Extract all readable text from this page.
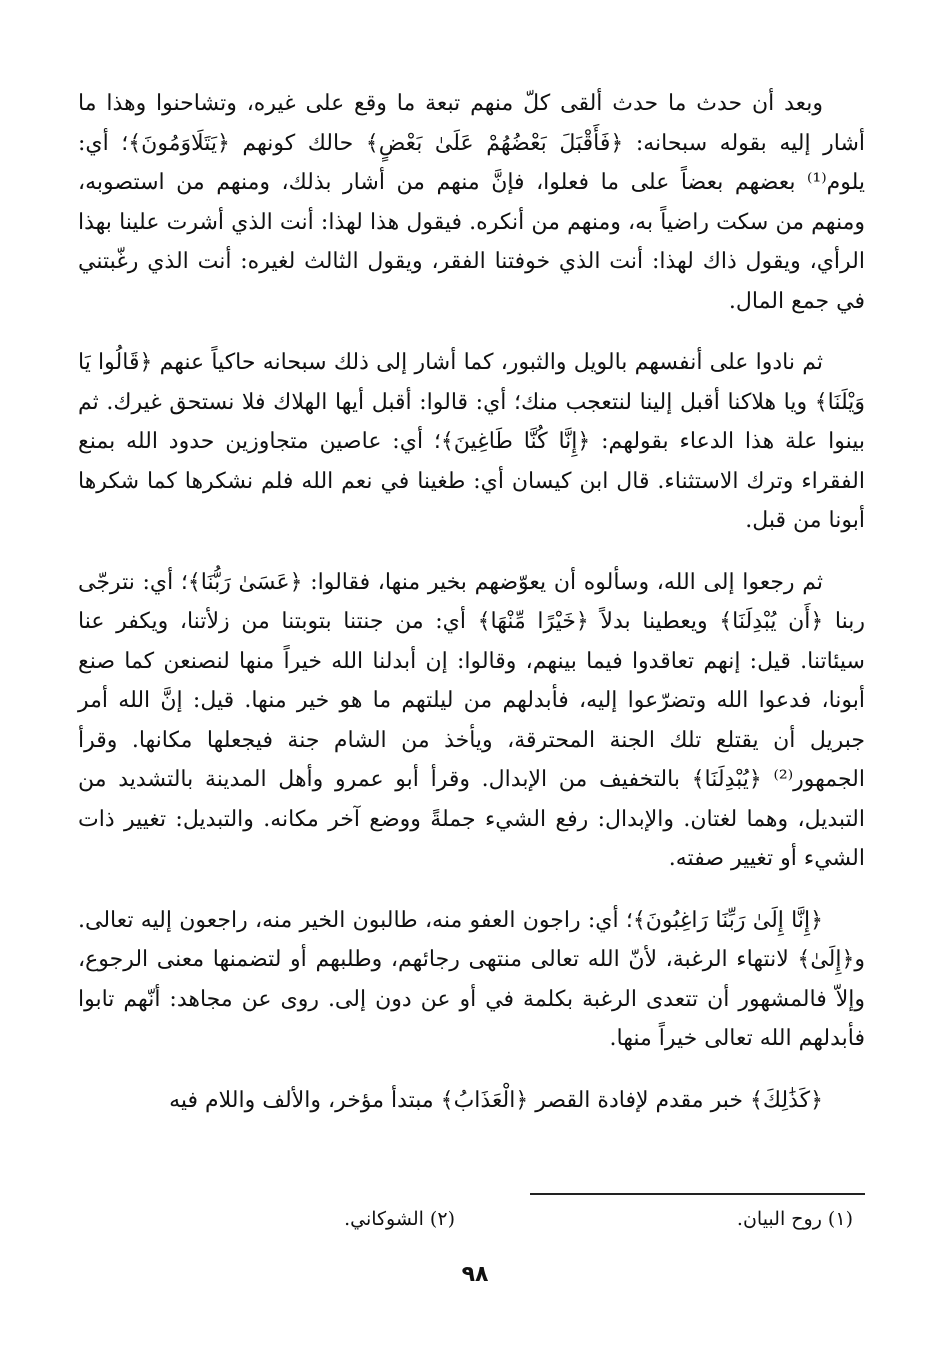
وبعد أن حدث ما حدث ألقى كلّ منهم تبعة ما وقع على غيره، وتشاحنوا وهذا ما أشار إليه بقوله سبحانه: ﴿فَأَقْبَلَ بَعْضُهُمْ عَلَىٰ بَعْضٍ﴾ حالك كونهم ﴿يَتَلَاوَمُونَ﴾؛ أي: يلوم⁽¹⁾ بعضهم بعضاً على ما فعلوا، فإنَّ منهم من أشار بذلك، ومنهم من استصوبه، ومنهم من سكت راضياً به، ومنهم من أنكره. فيقول هذا لهذا: أنت الذي أشرت علينا بهذا الرأي، ويقول ذاك لهذا: أنت الذي خوفتنا الفقر، ويقول الثالث لغيره: أنت الذي رغّبتني في جمع المال.

ثم نادوا على أنفسهم بالويل والثبور، كما أشار إلى ذلك سبحانه حاكياً عنهم ﴿قَالُوا يَا وَيْلَنَا﴾ ويا هلاكنا أقبل إلينا لنتعجب منك؛ أي: قالوا: أقبل أيها الهلاك فلا نستحق غيرك. ثم بينوا علة هذا الدعاء بقولهم: ﴿إِنَّا كُنَّا طَاغِينَ﴾؛ أي: عاصين متجاوزين حدود الله بمنع الفقراء وترك الاستثناء. قال ابن كيسان أي: طغينا في نعم الله فلم نشكرها كما شكرها أبونا من قبل.

ثم رجعوا إلى الله، وسألوه أن يعوّضهم بخير منها، فقالوا: ﴿عَسَىٰ رَبُّنَا﴾؛ أي: نترجّى ربنا ﴿أَن يُبْدِلَنَا﴾ ويعطينا بدلاً ﴿خَيْرًا مِّنْهَا﴾ أي: من جنتنا بتوبتنا من زلأتنا، ويكفر عنا سيئاتنا. قيل: إنهم تعاقدوا فيما بينهم، وقالوا: إن أبدلنا الله خيراً منها لنصنعن كما صنع أبونا، فدعوا الله وتضرّعوا إليه، فأبدلهم من ليلتهم ما هو خير منها. قيل: إنَّ الله أمر جبريل أن يقتلع تلك الجنة المحترقة، ويأخذ من الشام جنة فيجعلها مكانها. وقرأ الجمهور⁽²⁾ ﴿يُبْدِلَنَا﴾ بالتخفيف من الإبدال. وقرأ أبو عمرو وأهل المدينة بالتشديد من التبديل، وهما لغتان. والإبدال: رفع الشيء جملةً ووضع آخر مكانه. والتبديل: تغيير ذات الشيء أو تغيير صفته.

﴿إِنَّا إِلَىٰ رَبِّنَا رَاغِبُونَ﴾؛ أي: راجون العفو منه، طالبون الخير منه، راجعون إليه تعالى. و﴿إِلَىٰ﴾ لانتهاء الرغبة، لأنّ الله تعالى منتهى رجائهم، وطلبهم أو لتضمنها معنى الرجوع، وإلاّ فالمشهور أن تتعدى الرغبة بكلمة في أو عن دون إلى. روى عن مجاهد: أنّهم تابوا فأبدلهم الله تعالى خيراً منها.

﴿كَذَٰلِكَ﴾ خبر مقدم لإفادة القصر ﴿الْعَذَابُ﴾ مبتدأ مؤخر، والألف واللام فيه

(١) روح البيان.
(٢) الشوكاني.
٩٨
